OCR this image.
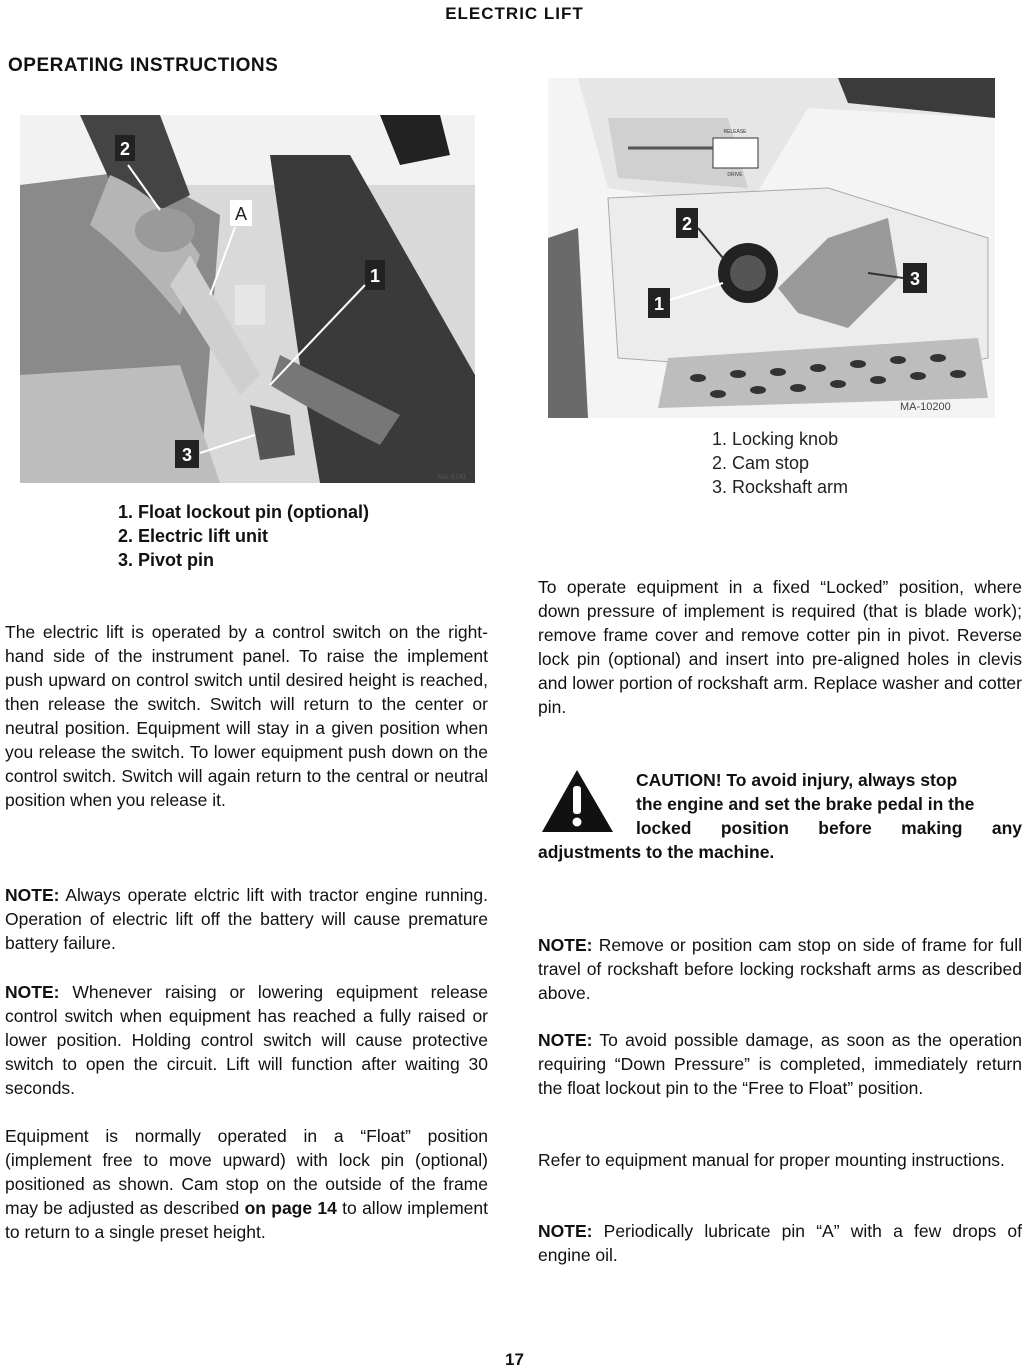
ELECTRIC LIFT
OPERATING INSTRUCTIONS
2
A
1
3
MA-5741
1. Float lockout pin (optional)
2. Electric lift unit
3. Pivot pin
RELEASE
DRIVE
2
1
3
MA-10200
1. Locking knob
2. Cam stop
3. Rockshaft arm
The electric lift is operated by a control switch on the right-hand side of the instrument panel. To raise the implement push upward on control switch until desired height is reached, then release the switch. Switch will return to the center or neutral position. Equipment will stay in a given position when you release the switch. To lower equipment push down on the control switch. Switch will again return to the central or neutral position when you release it.
NOTE: Always operate elctric lift with tractor engine running. Operation of electric lift off the battery will cause premature battery failure.
NOTE: Whenever raising or lowering equipment release control switch when equipment has reached a fully raised or lower position. Holding control switch will cause protective switch to open the circuit. Lift will function after waiting 30 seconds.
Equipment is normally operated in a “Float” position (implement free to move upward) with lock pin (optional) positioned as shown. Cam stop on the outside of the frame may be adjusted as described on page 14 to allow implement to return to a single preset height.
To operate equipment in a fixed “Locked” position, where down pressure of implement is required (that is blade work); remove frame cover and remove cotter pin in pivot. Reverse lock pin (optional) and insert into pre-aligned holes in clevis and lower portion of rockshaft arm. Replace washer and cotter pin.
CAUTION! To avoid injury, always stop
the engine and set the brake pedal in the
locked position before making any
adjustments to the machine.
NOTE: Remove or position cam stop on side of frame for full travel of rockshaft before locking rockshaft arms as described above.
NOTE: To avoid possible damage, as soon as the operation requiring “Down Pressure” is completed, immediately return the float lockout pin to the “Free to Float” position.
Refer to equipment manual for proper mounting instructions.
NOTE: Periodically lubricate pin “A” with a few drops of engine oil.
17
